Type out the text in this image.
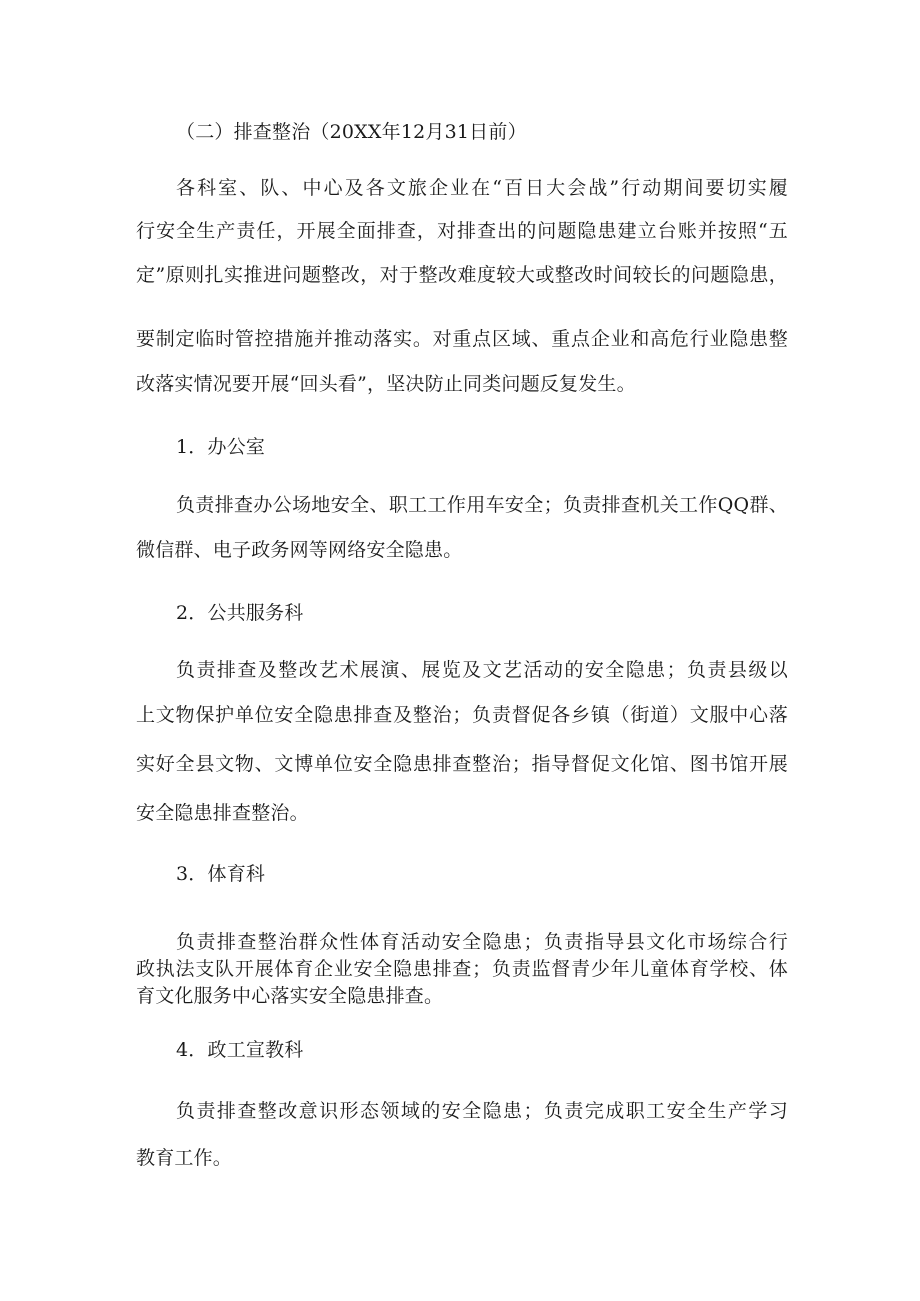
（二）排查整治（20XX年12月31日前）
各科室、队、中心及各文旅企业在“百日大会战”行动期间要切实履
行安全生产责任，开展全面排查，对排查出的问题隐患建立台账并按照“五
定”原则扎实推进问题整改，对于整改难度较大或整改时间较长的问题隐患，
要制定临时管控措施并推动落实。对重点区域、重点企业和高危行业隐患整
改落实情况要开展“回头看”，坚决防止同类问题反复发生。
1．办公室
负责排查办公场地安全、职工工作用车安全；负责排查机关工作QQ群、
微信群、电子政务网等网络安全隐患。
2．公共服务科
负责排查及整改艺术展演、展览及文艺活动的安全隐患；负责县级以
上文物保护单位安全隐患排查及整治；负责督促各乡镇（街道）文服中心落
实好全县文物、文博单位安全隐患排查整治；指导督促文化馆、图书馆开展
安全隐患排查整治。
3．体育科
负责排查整治群众性体育活动安全隐患；负责指导县文化市场综合行
政执法支队开展体育企业安全隐患排查；负责监督青少年儿童体育学校、体
育文化服务中心落实安全隐患排查。
4．政工宣教科
负责排查整改意识形态领域的安全隐患；负责完成职工安全生产学习
教育工作。
